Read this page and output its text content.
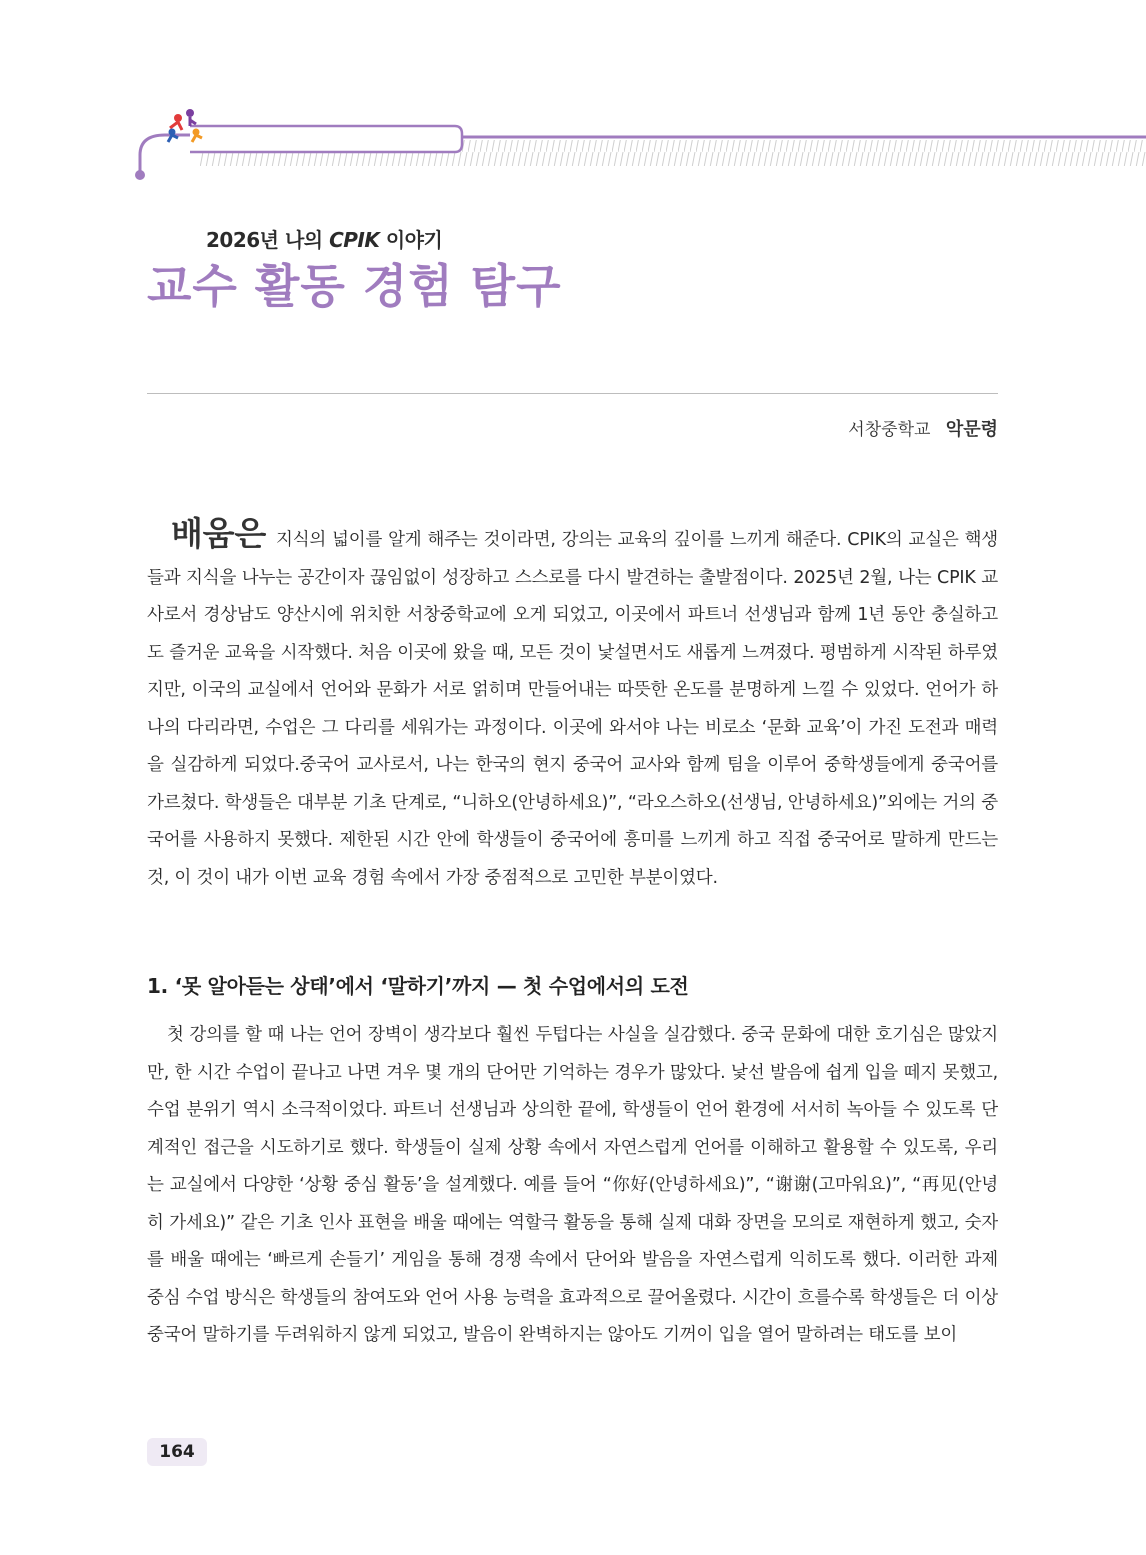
2026년 나의 CPIK 이야기
교수 활동 경험 탐구
서창중학교 악문령

배움은 지식의 넓이를 알게 해주는 것이라면, 강의는 교육의 깊이를 느끼게 해준다. CPIK의 교실은 핵생들과 지식을 나누는 공간이자 끊임없이 성장하고 스스로를 다시 발견하는 출발점이다. 2025년 2월, 나는 CPIK 교사로서 경상남도 양산시에 위치한 서창중학교에 오게 되었고, 이곳에서 파트너 선생님과 함께 1년 동안 충실하고도 즐거운 교육을 시작했다. 처음 이곳에 왔을 때, 모든 것이 낯설면서도 새롭게 느껴졌다. 평범하게 시작된 하루였지만, 이국의 교실에서 언어와 문화가 서로 얽히며 만들어내는 따뜻한 온도를 분명하게 느낄 수 있었다. 언어가 하나의 다리라면, 수업은 그 다리를 세워가는 과정이다. 이곳에 와서야 나는 비로소 ‘문화 교육’이 가진 도전과 매력을 실감하게 되었다.중국어 교사로서, 나는 한국의 현지 중국어 교사와 함께 팀을 이루어 중학생들에게 중국어를 가르쳤다. 학생들은 대부분 기초 단계로, “니하오(안녕하세요)”, “라오스하오(선생님, 안녕하세요)”외에는 거의 중국어를 사용하지 못했다. 제한된 시간 안에 학생들이 중국어에 흥미를 느끼게 하고 직접 중국어로 말하게 만드는 것, 이 것이 내가 이번 교육 경험 속에서 가장 중점적으로 고민한 부분이였다.

1. ‘못 알아듣는 상태’에서 ‘말하기’까지 — 첫 수업에서의 도전

첫 강의를 할 때 나는 언어 장벽이 생각보다 훨씬 두텁다는 사실을 실감했다. 중국 문화에 대한 호기심은 많았지만, 한 시간 수업이 끝나고 나면 겨우 몇 개의 단어만 기억하는 경우가 많았다. 낯선 발음에 쉽게 입을 떼지 못했고, 수업 분위기 역시 소극적이었다. 파트너 선생님과 상의한 끝에, 학생들이 언어 환경에 서서히 녹아들 수 있도록 단계적인 접근을 시도하기로 했다. 학생들이 실제 상황 속에서 자연스럽게 언어를 이해하고 활용할 수 있도록, 우리는 교실에서 다양한 ‘상황 중심 활동’을 설계했다. 예를 들어 “你好(안녕하세요)”, “谢谢(고마워요)”, “再见(안녕히 가세요)” 같은 기초 인사 표현을 배울 때에는 역할극 활동을 통해 실제 대화 장면을 모의로 재현하게 했고, 숫자를 배울 때에는 ‘빠르게 손들기’ 게임을 통해 경쟁 속에서 단어와 발음을 자연스럽게 익히도록 했다. 이러한 과제 중심 수업 방식은 학생들의 참여도와 언어 사용 능력을 효과적으로 끌어올렸다. 시간이 흐를수록 학생들은 더 이상 중국어 말하기를 두려워하지 않게 되었고, 발음이 완벽하지는 않아도 기꺼이 입을 열어 말하려는 태도를 보이

164
